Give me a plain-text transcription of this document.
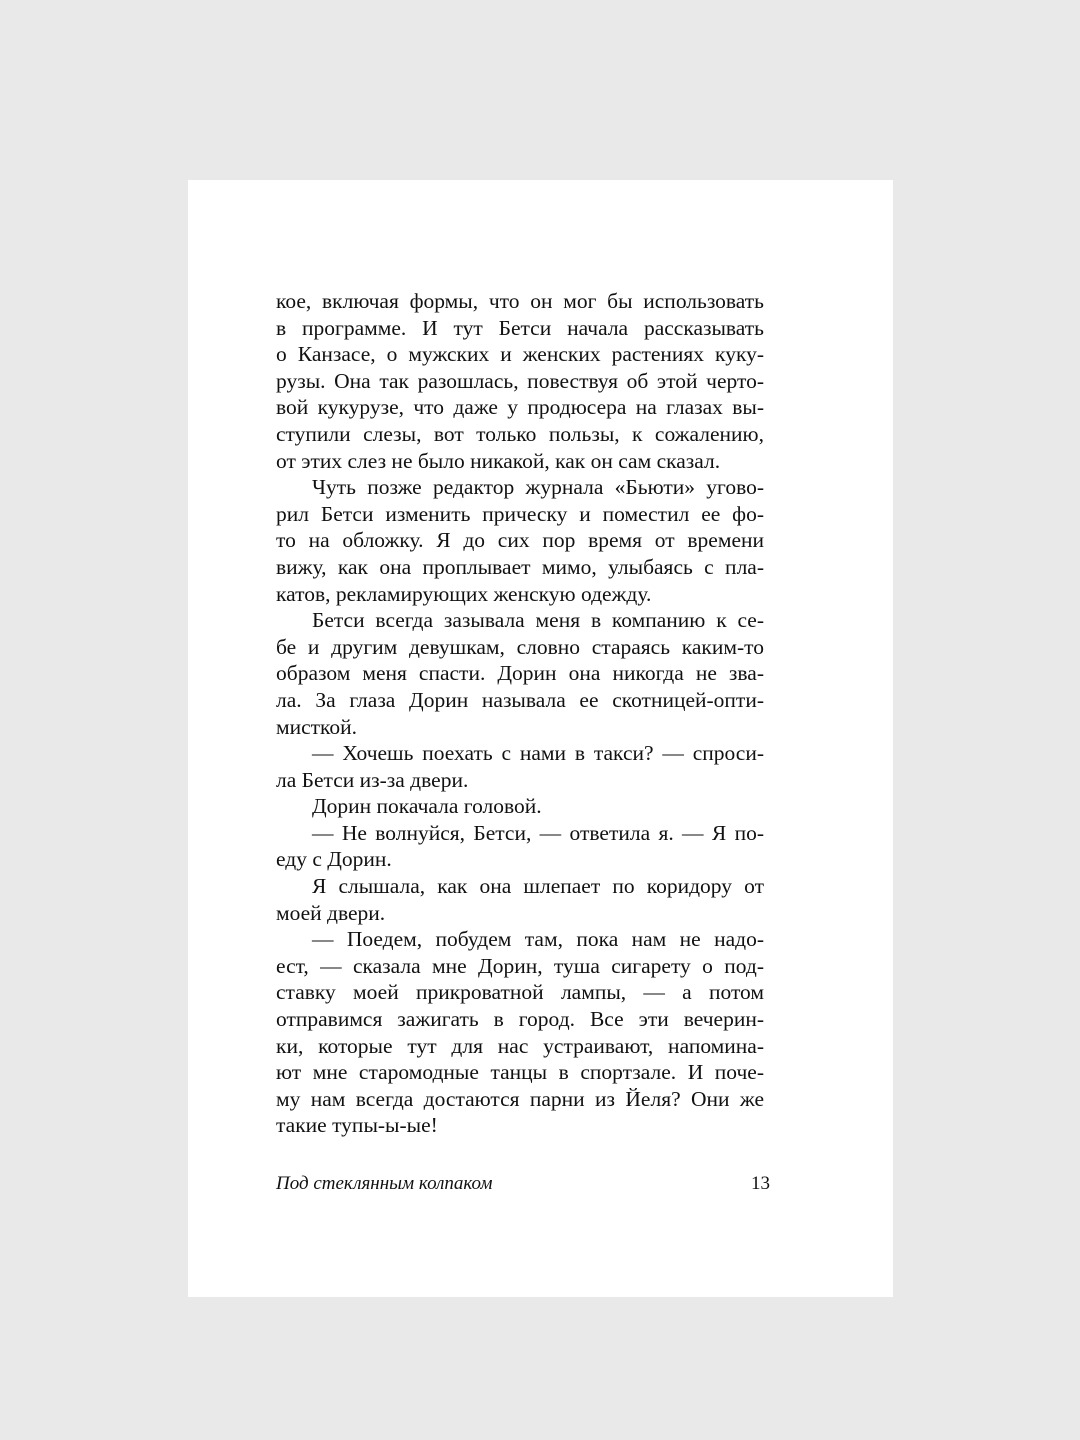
кое, включая формы, что он мог бы использовать
в программе. И тут Бетси начала рассказывать
о Канзасе, о мужских и женских растениях куку-
рузы. Она так разошлась, повествуя об этой черто-
вой кукурузе, что даже у продюсера на глазах вы-
ступили слезы, вот только пользы, к сожалению,
от этих слез не было никакой, как он сам сказал.
Чуть позже редактор журнала «Бьюти» угово-
рил Бетси изменить прическу и поместил ее фо-
то на обложку. Я до сих пор время от времени
вижу, как она проплывает мимо, улыбаясь с пла-
катов, рекламирующих женскую одежду.
Бетси всегда зазывала меня в компанию к се-
бе и другим девушкам, словно стараясь каким-то
образом меня спасти. Дорин она никогда не зва-
ла. За глаза Дорин называла ее скотницей-опти-
мисткой.
— Хочешь поехать с нами в такси? — спроси-
ла Бетси из-за двери.
Дорин покачала головой.
— Не волнуйся, Бетси, — ответила я. — Я по-
еду с Дорин.
Я слышала, как она шлепает по коридору от
моей двери.
— Поедем, побудем там, пока нам не надо-
ест, — сказала мне Дорин, туша сигарету о под-
ставку моей прикроватной лампы, — а потом
отправимся зажигать в город. Все эти вечерин-
ки, которые тут для нас устраивают, напомина-
ют мне старомодные танцы в спортзале. И поче-
му нам всегда достаются парни из Йеля? Они же
такие тупы-ы-ые!
Под стеклянным колпаком	13
